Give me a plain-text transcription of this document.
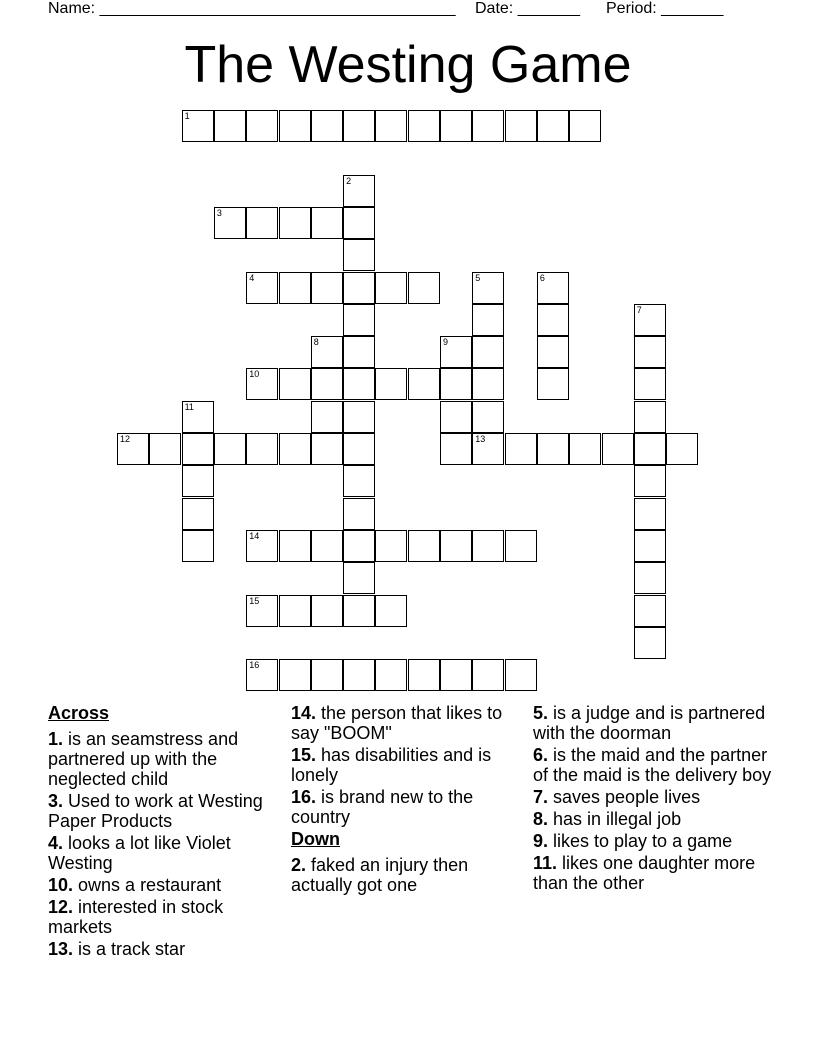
Name: ________________________________________ Date: _______ Period: _______
The Westing Game
1
2
3
4	5
13
6
7
8	9
10
11
12
14
15
16
Across
1. is an seamstress and partnered up with the neglected child
3. Used to work at Westing Paper Products
4. looks a lot like Violet Westing
10. owns a restaurant
12. interested in stock markets
13. is a track star
14. the person that likes to say "BOOM"
15. has disabilities and is lonely
16. is brand new to the country
Down
2. faked an injury then actually got one
5. is a judge and is partnered with the doorman
6. is the maid and the partner of the maid is the delivery boy
7. saves people lives
8. has in illegal job
9. likes to play to a game
11. likes one daughter more than the other
